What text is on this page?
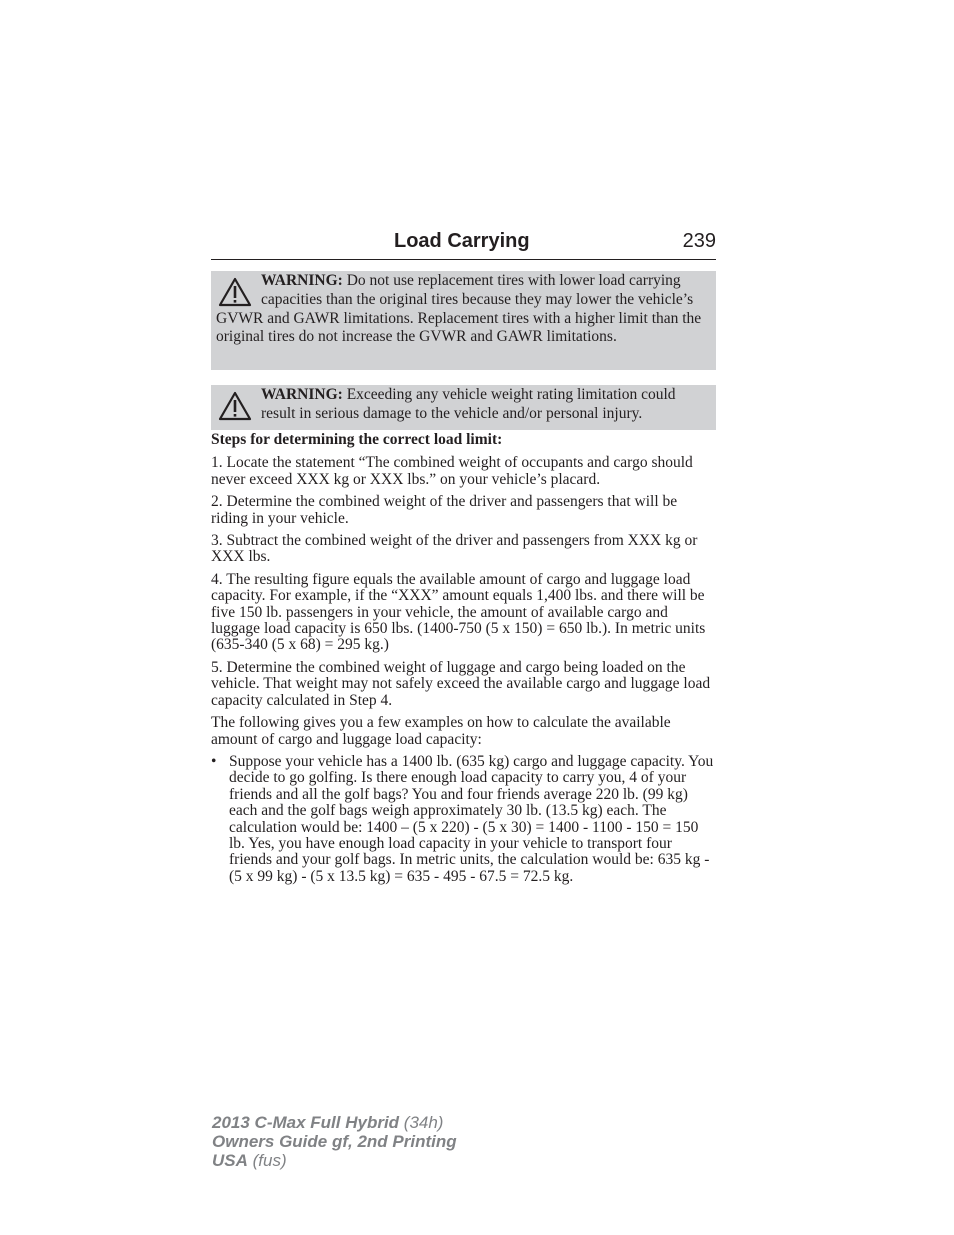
Load Carrying	239
WARNING: Do not use replacement tires with lower load carrying capacities than the original tires because they may lower the vehicle’s GVWR and GAWR limitations. Replacement tires with a higher limit than the original tires do not increase the GVWR and GAWR limitations.
WARNING: Exceeding any vehicle weight rating limitation could result in serious damage to the vehicle and/or personal injury.

Steps for determining the correct load limit:

1. Locate the statement “The combined weight of occupants and cargo should never exceed XXX kg or XXX lbs.” on your vehicle’s placard.

2. Determine the combined weight of the driver and passengers that will be riding in your vehicle.

3. Subtract the combined weight of the driver and passengers from XXX kg or XXX lbs.

4. The resulting figure equals the available amount of cargo and luggage load capacity. For example, if the “XXX” amount equals 1,400 lbs. and there will be five 150 lb. passengers in your vehicle, the amount of available cargo and luggage load capacity is 650 lbs. (1400-750 (5 x 150) = 650 lb.). In metric units (635-340 (5 x 68) = 295 kg.)

5. Determine the combined weight of luggage and cargo being loaded on the vehicle. That weight may not safely exceed the available cargo and luggage load capacity calculated in Step 4.

The following gives you a few examples on how to calculate the available amount of cargo and luggage load capacity:

• Suppose your vehicle has a 1400 lb. (635 kg) cargo and luggage capacity. You decide to go golfing. Is there enough load capacity to carry you, 4 of your friends and all the golf bags? You and four friends average 220 lb. (99 kg) each and the golf bags weigh approximately 30 lb. (13.5 kg) each. The calculation would be: 1400 – (5 x 220) - (5 x 30) = 1400 - 1100 - 150 = 150 lb. Yes, you have enough load capacity in your vehicle to transport four friends and your golf bags. In metric units, the calculation would be: 635 kg - (5 x 99 kg) - (5 x 13.5 kg) = 635 - 495 - 67.5 = 72.5 kg.
2013 C-Max Full Hybrid (34h)
Owners Guide gf, 2nd Printing
USA (fus)
